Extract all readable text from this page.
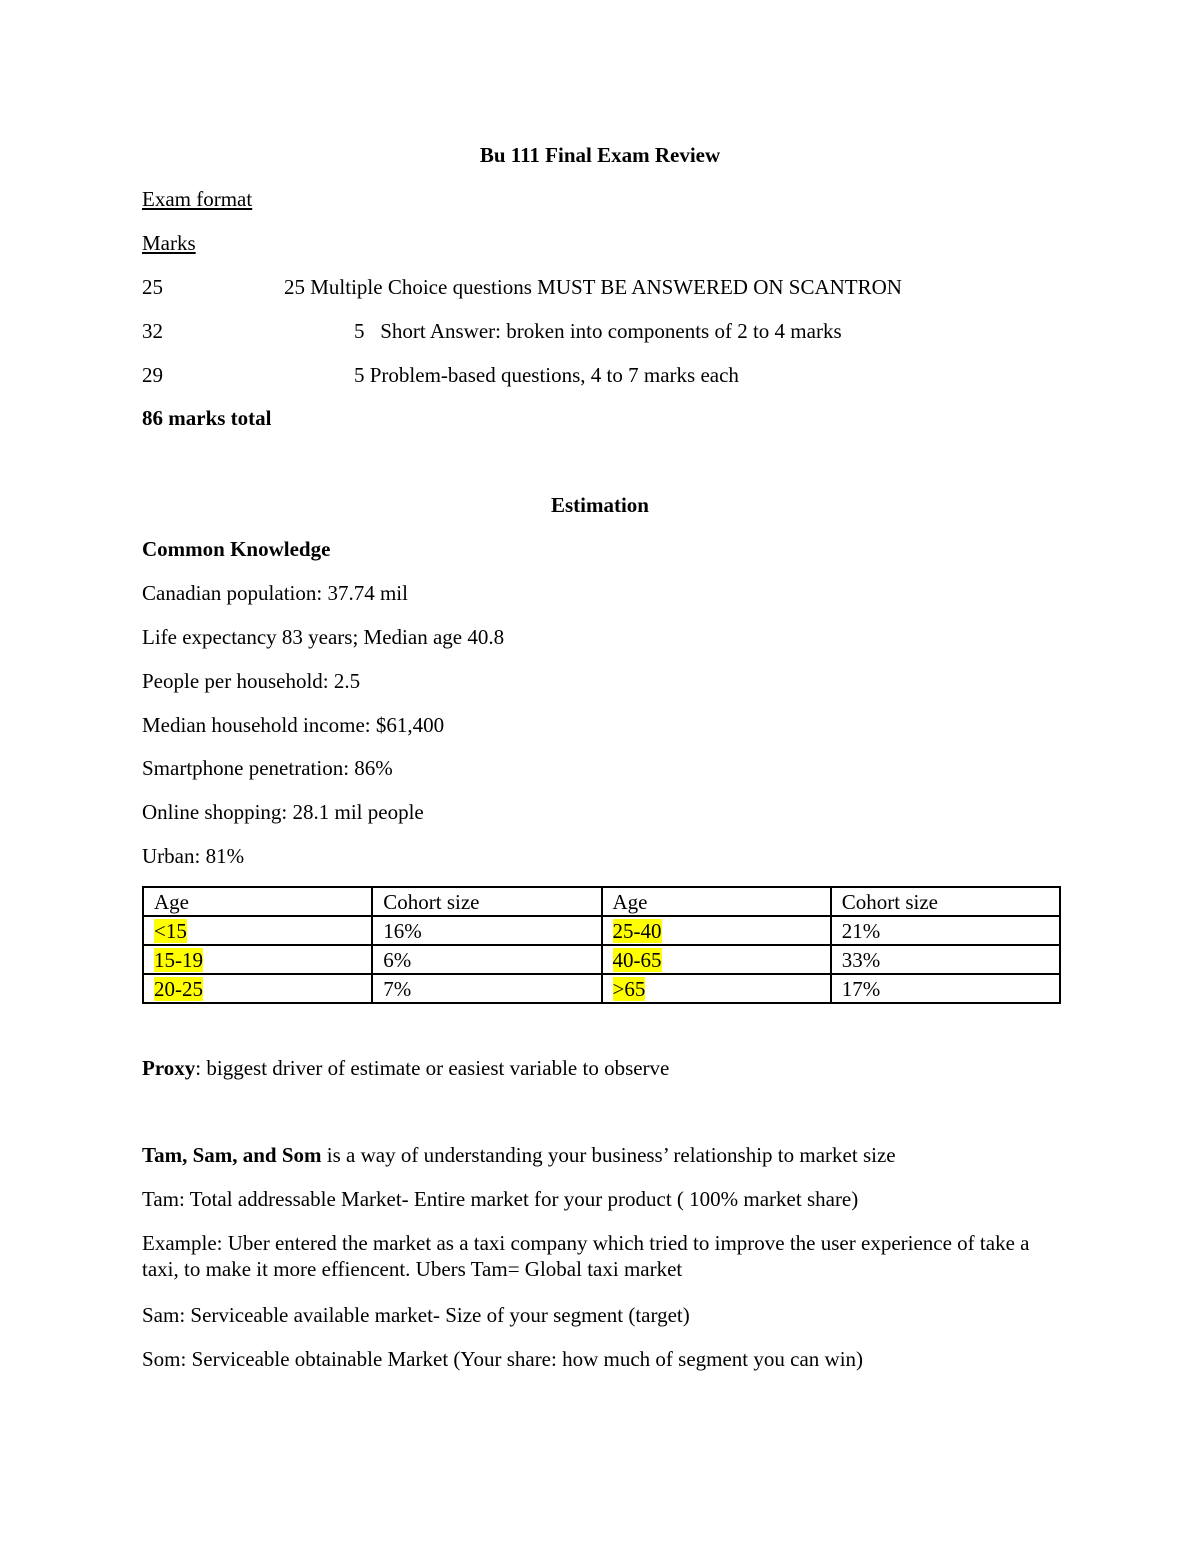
Bu 111 Final Exam Review
Exam format
Marks
25	25 Multiple Choice questions MUST BE ANSWERED ON SCANTRON
32	5   Short Answer: broken into components of 2 to 4 marks
29	5 Problem-based questions, 4 to 7 marks each
86 marks total
Estimation
Common Knowledge
Canadian population: 37.74 mil
Life expectancy 83 years; Median age 40.8
People per household: 2.5
Median household income: $61,400
Smartphone penetration: 86%
Online shopping: 28.1 mil people
Urban: 81%
Age	Cohort size	Age	Cohort size
<15	16%	25-40	21%
15-19	6%	40-65	33%
20-25	7%	>65	17%
Proxy: biggest driver of estimate or easiest variable to observe
Tam, Sam, and Som is a way of understanding your business’ relationship to market size
Tam: Total addressable Market- Entire market for your product ( 100% market share)
Example: Uber entered the market as a taxi company which tried to improve the user experience of take a taxi, to make it more effiencent. Ubers Tam= Global taxi market
Sam: Serviceable available market- Size of your segment (target)
Som: Serviceable obtainable Market (Your share: how much of segment you can win)
